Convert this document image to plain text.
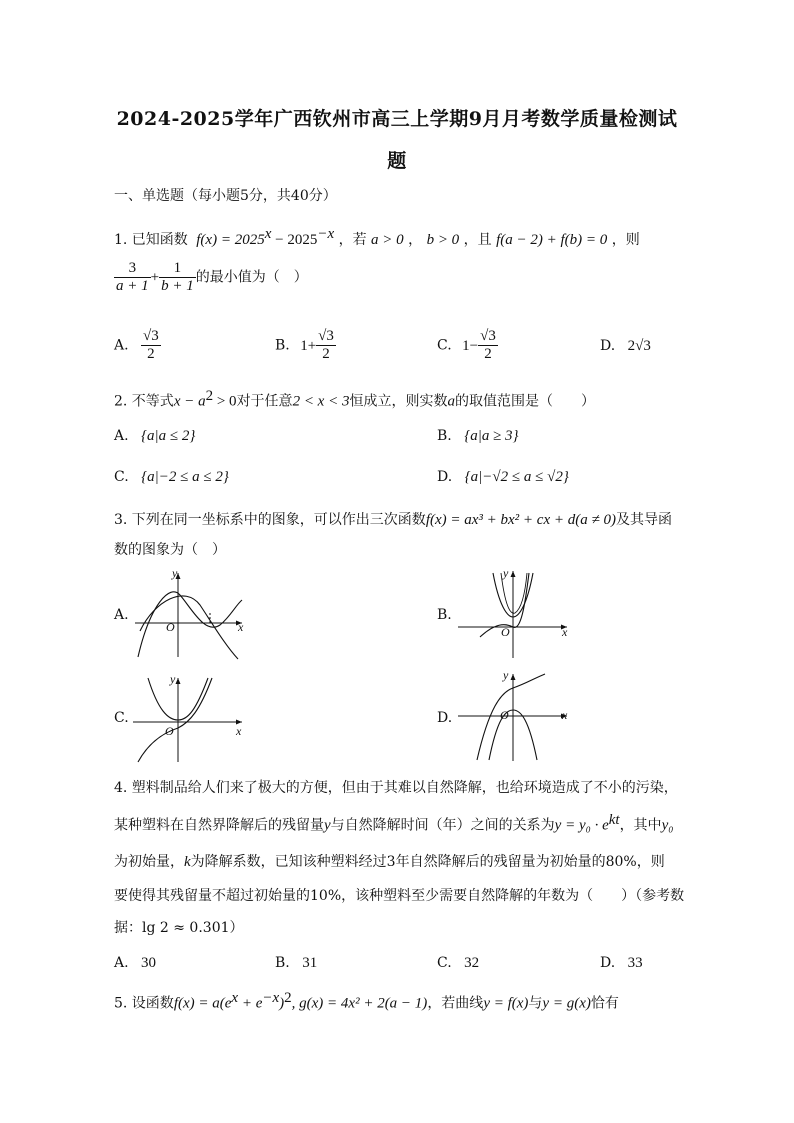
2024-2025学年广西钦州市高三上学期9月月考数学质量检测试
题
一、单选题（每小题5分，共40分）
1. 已知函数 $f(x) = 2025^x - 2025^{-x}$ ，若 a > 0 ， b > 0 ，且 f(a − 2) + f(b) = 0 ，则
$\frac{3}{a + 1} + \frac{1}{b + 1}$ 的最小值为（　）
A. $\frac{√3}{2}$	B. $1+ \frac{√3}{2}$	C. $1- \frac{√3}{2}$	D. 2√3
2. 不等式$x - a^2 > 0$对于任意2 < x < 3恒成立，则实数a的取值范围是（　　）
A. {a|a ≤ 2}	B. {a|a ≥ 3}
C. {a|−2 ≤ a ≤ 2}	D. {a|−√2 ≤ a ≤ √2}
3. 下列在同一坐标系中的图象，可以作出三次函数f(x) = ax³ + bx² + cx + d(a ≠ 0)及其导函
数的图象为（　）
A.
y
O	x
B.
y
O	x
C.
y
O	x
D.
y
O	x
4. 塑料制品给人们来了极大的方便，但由于其难以自然降解，也给环境造成了不小的污染，
某种塑料在自然界降解后的残留量y与自然降解时间（年）之间的关系为$y = y_0 \cdot e^{kt}$，其中y₀
为初始量，k为降解系数，已知该种塑料经过3年自然降解后的残留量为初始量的80%，则
要使得其残留量不超过初始量的10%，该种塑料至少需要自然降解的年数为（　　）（参考数
据：lg 2 ≈ 0.301）
A. 30	B. 31	C. 32	D. 33
5. 设函数$f(x) = a(e^x + e^{-x})^2$, g(x) = 4x² + 2(a − 1)，若曲线y = f(x)与y = g(x)恰有
